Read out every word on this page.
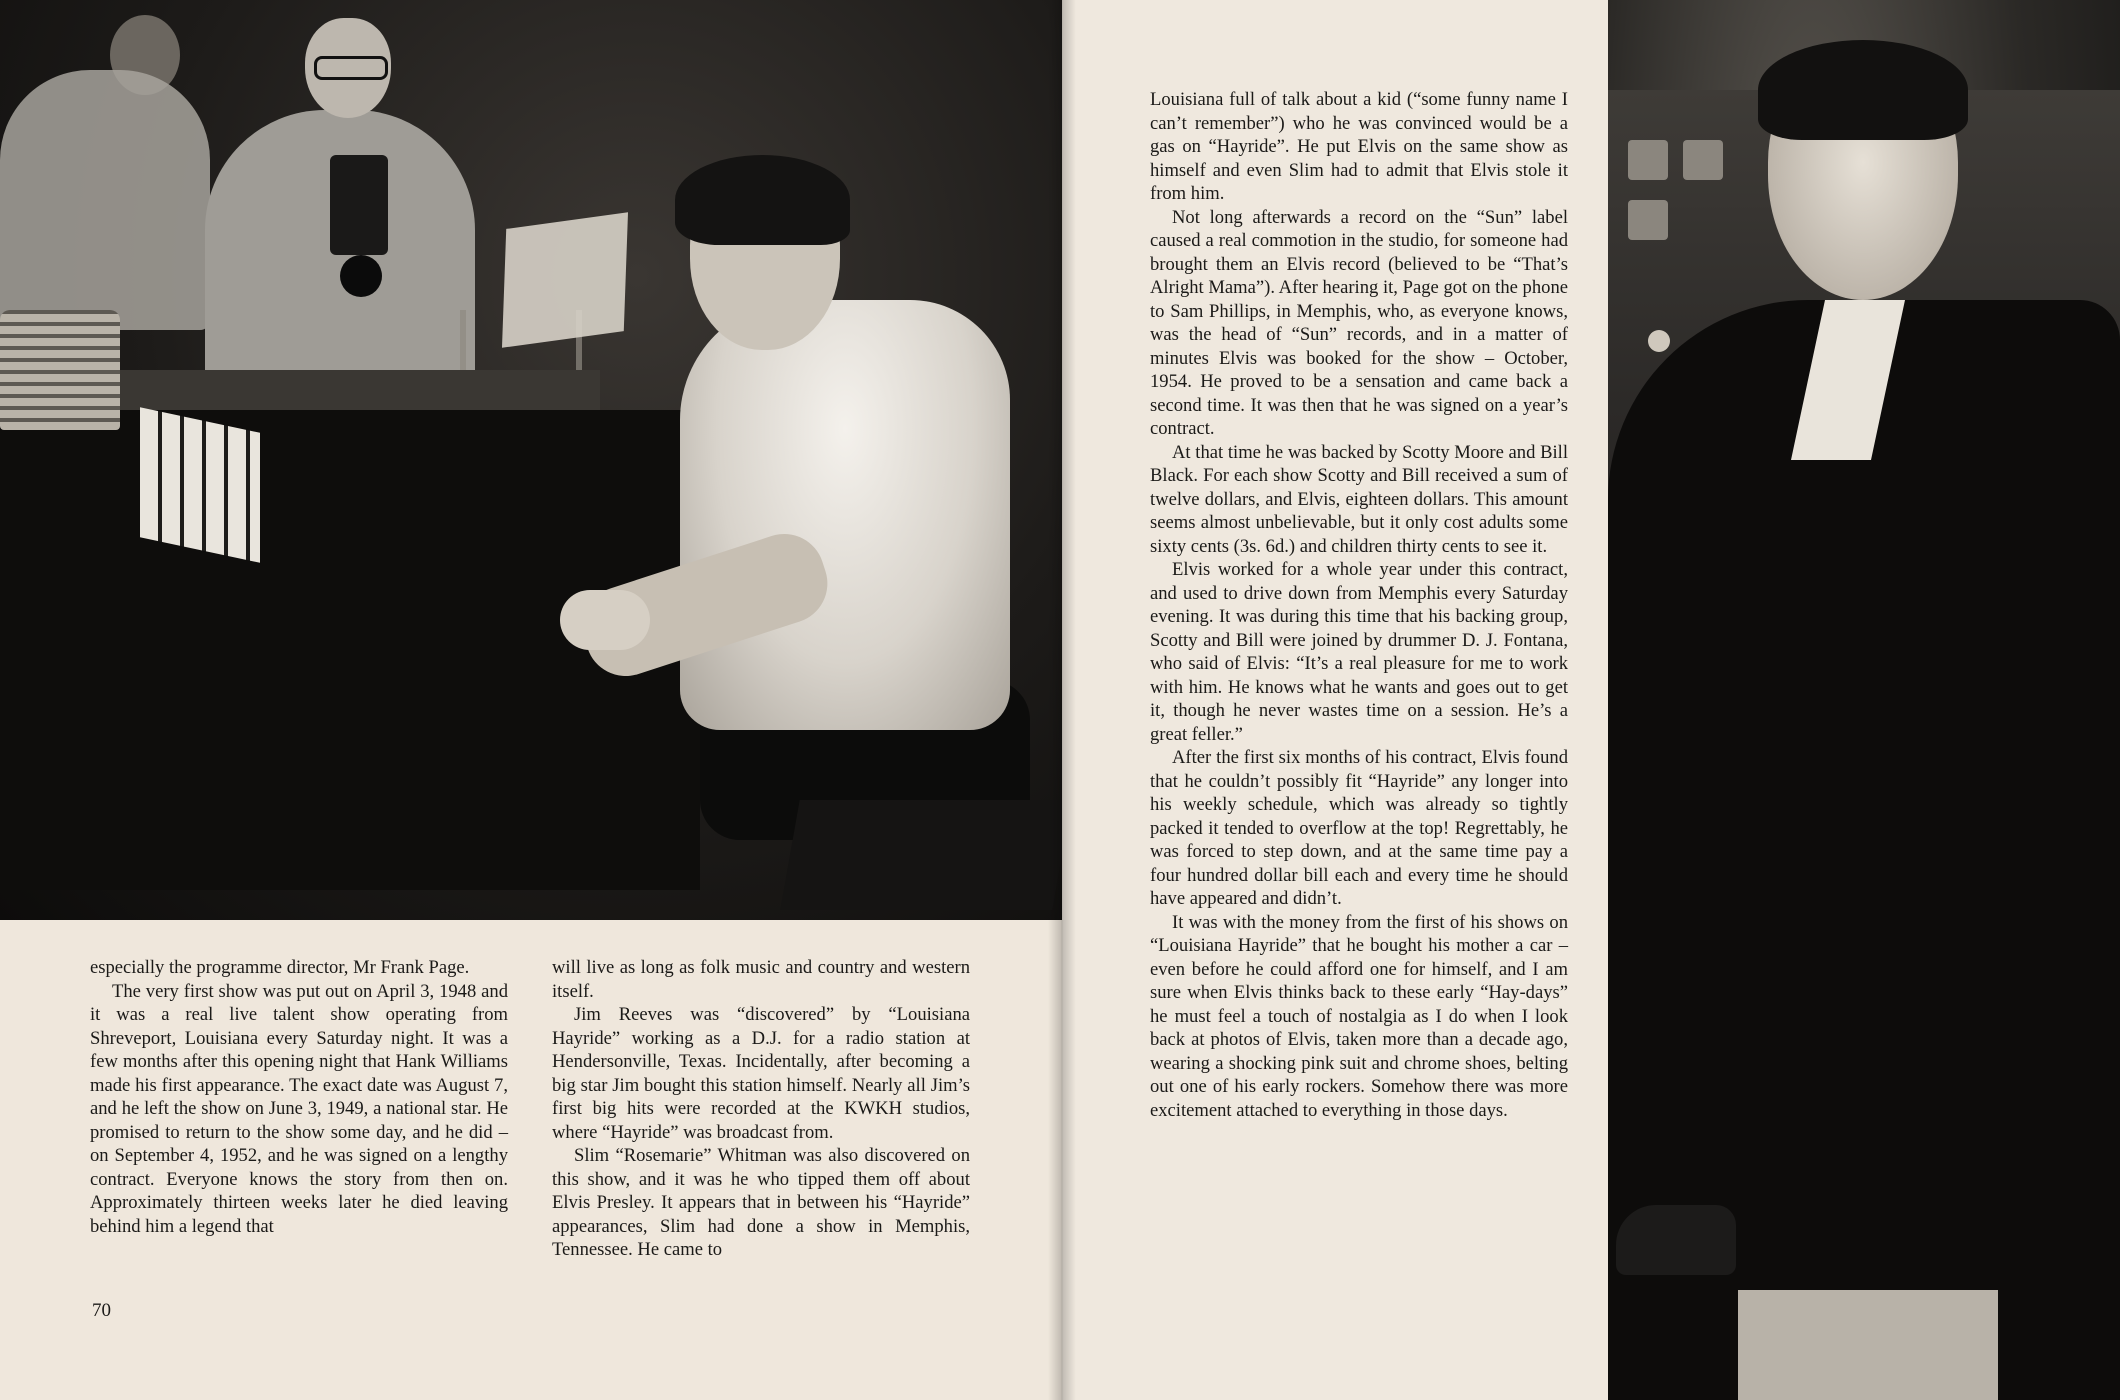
especially the programme director, Mr Frank Page.

The very first show was put out on April 3, 1948 and it was a real live talent show operating from Shreveport, Louisiana every Saturday night. It was a few months after this opening night that Hank Williams made his first appearance. The exact date was August 7, and he left the show on June 3, 1949, a national star. He promised to return to the show some day, and he did – on September 4, 1952, and he was signed on a lengthy contract. Everyone knows the story from then on. Approximately thirteen weeks later he died leaving behind him a legend that

will live as long as folk music and country and western itself.

Jim Reeves was “discovered” by “Louisiana Hayride” working as a D.J. for a radio station at Hendersonville, Texas. Incidentally, after becoming a big star Jim bought this station himself. Nearly all Jim’s first big hits were recorded at the KWKH studios, where “Hayride” was broadcast from.

Slim “Rosemarie” Whitman was also discovered on this show, and it was he who tipped them off about Elvis Presley. It appears that in between his “Hayride” appearances, Slim had done a show in Memphis, Tennessee. He came to

70

Louisiana full of talk about a kid (“some funny name I can’t remember”) who he was convinced would be a gas on “Hayride”. He put Elvis on the same show as himself and even Slim had to admit that Elvis stole it from him.

Not long afterwards a record on the “Sun” label caused a real commotion in the studio, for someone had brought them an Elvis record (believed to be “That’s Alright Mama”). After hearing it, Page got on the phone to Sam Phillips, in Memphis, who, as everyone knows, was the head of “Sun” records, and in a matter of minutes Elvis was booked for the show – October, 1954. He proved to be a sensation and came back a second time. It was then that he was signed on a year’s contract.

At that time he was backed by Scotty Moore and Bill Black. For each show Scotty and Bill received a sum of twelve dollars, and Elvis, eighteen dollars. This amount seems almost unbelievable, but it only cost adults some sixty cents (3s. 6d.) and children thirty cents to see it.

Elvis worked for a whole year under this contract, and used to drive down from Memphis every Saturday evening. It was during this time that his backing group, Scotty and Bill were joined by drummer D. J. Fontana, who said of Elvis: “It’s a real pleasure for me to work with him. He knows what he wants and goes out to get it, though he never wastes time on a session. He’s a great feller.”

After the first six months of his contract, Elvis found that he couldn’t possibly fit “Hayride” any longer into his weekly schedule, which was already so tightly packed it tended to overflow at the top! Regrettably, he was forced to step down, and at the same time pay a four hundred dollar bill each and every time he should have appeared and didn’t.

It was with the money from the first of his shows on “Louisiana Hayride” that he bought his mother a car – even before he could afford one for himself, and I am sure when Elvis thinks back to these early “Hay-days” he must feel a touch of nostalgia as I do when I look back at photos of Elvis, taken more than a decade ago, wearing a shocking pink suit and chrome shoes, belting out one of his early rockers. Somehow there was more excitement attached to everything in those days.
